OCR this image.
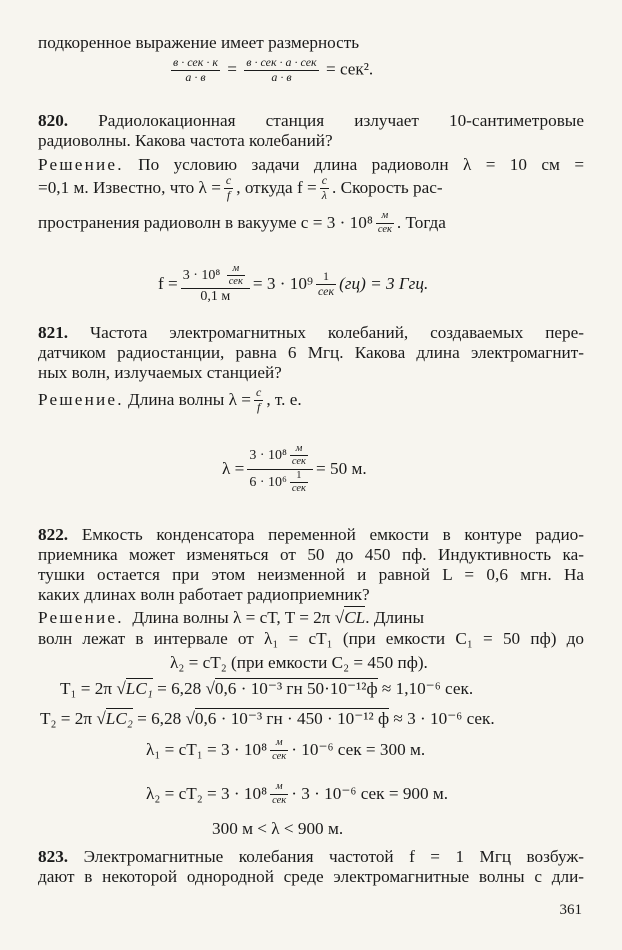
подкоренное выражение имеет размерность
$\frac{\text{в · сек · к}}{а \cdot в} = \frac{\text{в · сек · а · сек}}{а \cdot в} = сек^2$.
820. Радиолокационная станция излучает 10-сантиметровые
радиоволны. Какова частота колебаний?
Решение. По условию задачи длина радиоволн λ = 10 см =
=0,1 м. Известно, что $\lambda = \frac{c}{f}$ , откуда $f = \frac{c}{\lambda}$ . Скорость рас-
пространения радиоволн в вакууме $c = 3 \cdot 10^8 \frac{м}{\text{сек}}$ . Тогда
$f = \frac{3 \cdot 10^8 \frac{м}{\text{сек}}}{0,1 м} = 3 \cdot 10^9 \frac{1}{\text{сек}} (гц) = 3$ Ггц.
821. Частота электромагнитных колебаний, создаваемых пере-
датчиком радиостанции, равна 6 Мгц. Какова длина электромагнит-
ных волн, излучаемых станцией?
Решение.
Длина волны $\lambda = \frac{c}{f}$ , т. е.
$\lambda = \frac{3 \cdot 10^8 \frac{м}{\text{сек}}}{6 \cdot 10^6 \frac{1}{\text{сек}}} = 50$ м.
822. Емкость конденсатора переменной емкости в контуре радио-
приемника может изменяться от 50 до 450 пф. Индуктивность ка-
тушки остается при этом неизменной и равной L = 0,6 мгн. На
каких длинах волн работает радиоприемник?
Решение.
Длина волны λ = cT, T = 2π √ CL . Длины
волн лежат в интервале от λ₁ = cT₁ (при емкости C₁ = 50 пф) до
λ₂ = cT₂ (при емкости C₂ = 450 пф).
T₁ = 2π √LC₁ = 6,28 √0,6 · 10⁻³ гн 50·10⁻¹²ф ≈ 1,10⁻⁶ сек.
T₂ = 2π √LC₂ = 6,28 √0,6 · 10⁻³ гн · 450 · 10⁻¹² ф ≈ 3 · 10⁻⁶ сек.
$\lambda_1 = cT_1 = 3 \cdot 10^8 \frac{м}{\text{сек}} \cdot 10^{-6}$ сек = 300 м.
$\lambda_2 = cT_2 = 3 \cdot 10^8 \frac{м}{\text{сек}} \cdot 3 \cdot 10^{-6}$ сек = 900 м.
300 м < λ < 900 м.
823. Электромагнитные колебания частотой f = 1 Мгц возбуж-
дают в некоторой однородной среде электромагнитные волны с дли-
361
